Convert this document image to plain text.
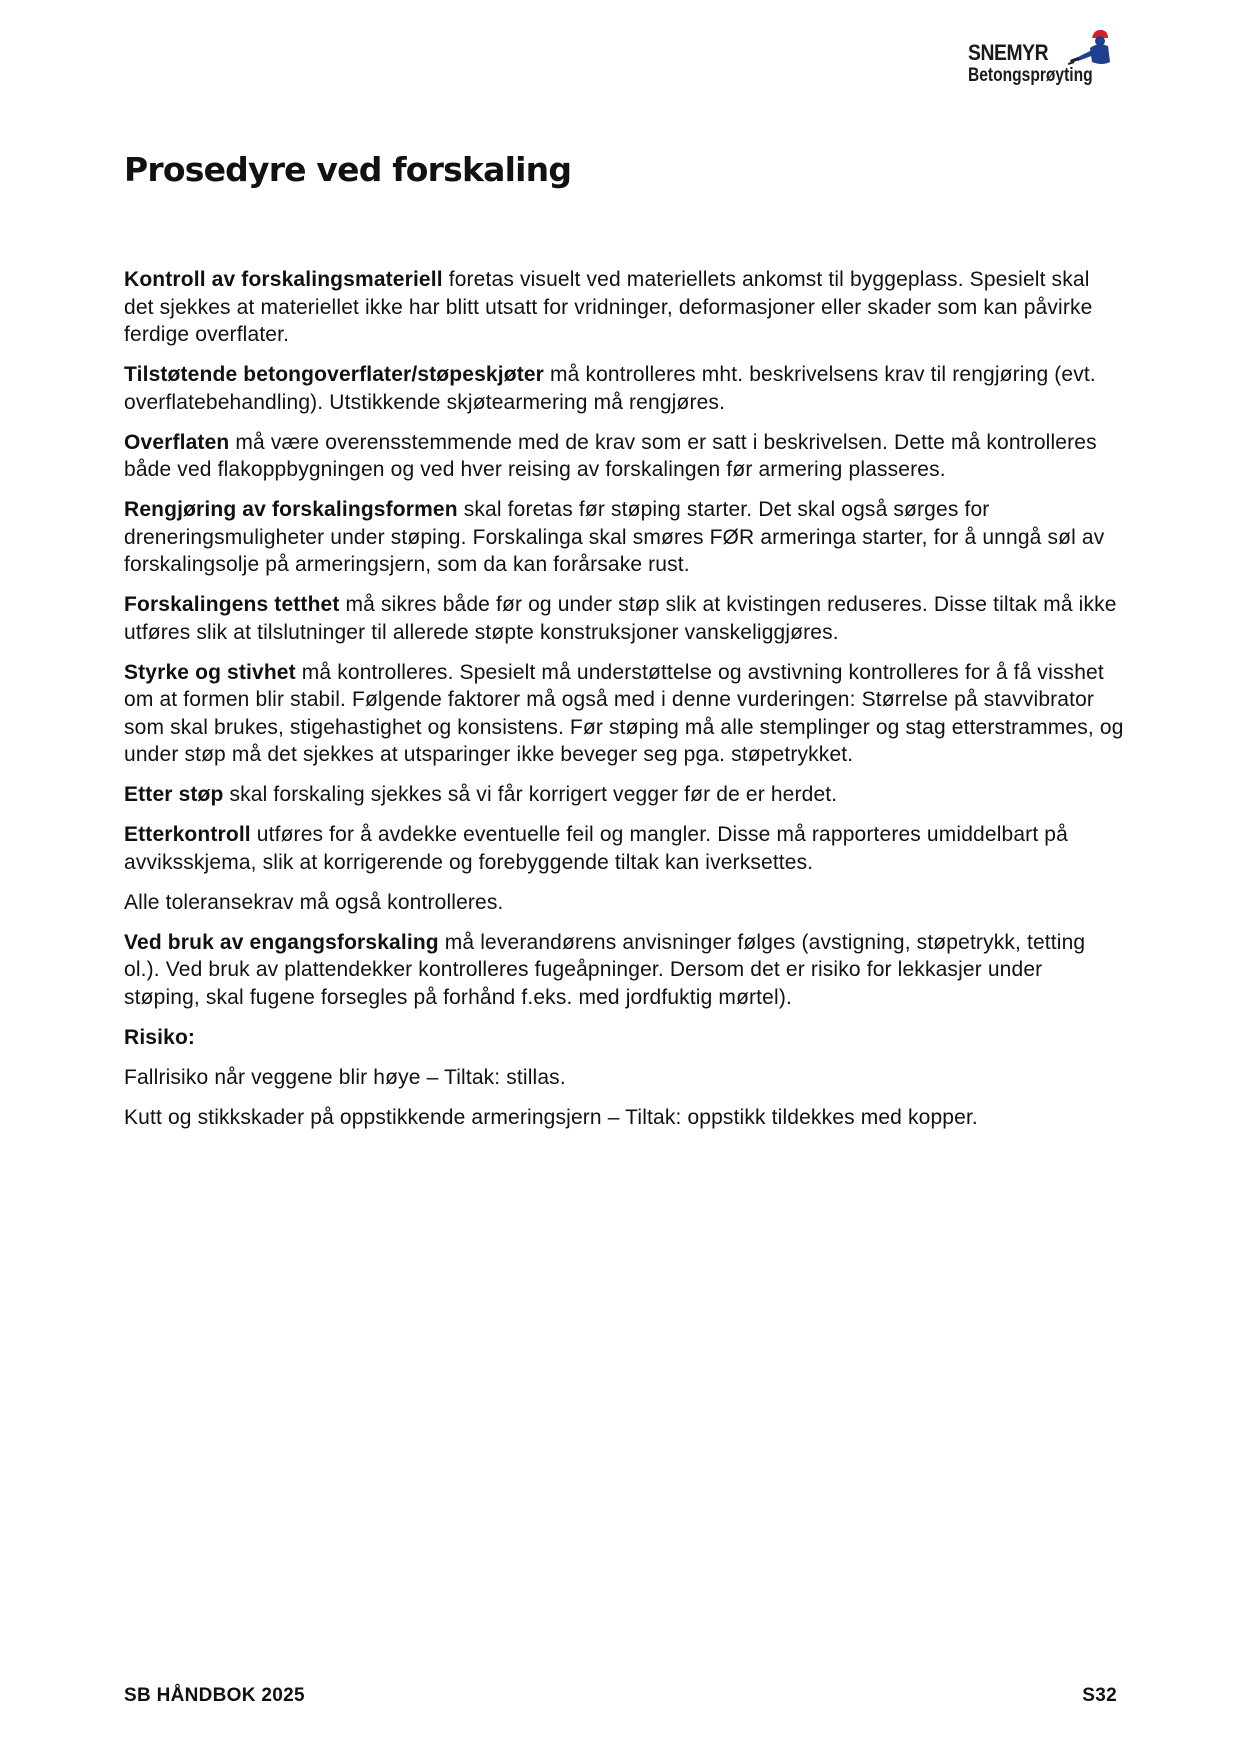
SNEMYR
Betongsprøyting
Prosedyre ved forskaling

Kontroll av forskalingsmateriell foretas visuelt ved materiellets ankomst til byggeplass. Spesielt skal det sjekkes at materiellet ikke har blitt utsatt for vridninger, deformasjoner eller skader som kan påvirke ferdige overflater.

Tilstøtende betongoverflater/støpeskjøter må kontrolleres mht. beskrivelsens krav til rengjøring (evt. overflatebehandling). Utstikkende skjøtearmering må rengjøres.

Overflaten må være overensstemmende med de krav som er satt i beskrivelsen. Dette må kontrolleres både ved flakoppbygningen og ved hver reising av forskalingen før armering plasseres.

Rengjøring av forskalingsformen skal foretas før støping starter. Det skal også sørges for dreneringsmuligheter under støping. Forskalinga skal smøres FØR armeringa starter, for å unngå søl av forskalingsolje på armeringsjern, som da kan forårsake rust.

Forskalingens tetthet må sikres både før og under støp slik at kvistingen reduseres. Disse tiltak må ikke utføres slik at tilslutninger til allerede støpte konstruksjoner vanskeliggjøres.

Styrke og stivhet må kontrolleres. Spesielt må understøttelse og avstivning kontrolleres for å få visshet om at formen blir stabil. Følgende faktorer må også med i denne vurderingen: Størrelse på stavvibrator som skal brukes, stigehastighet og konsistens. Før støping må alle stemplinger og stag etterstrammes, og under støp må det sjekkes at utsparinger ikke beveger seg pga. støpetrykket.

Etter støp skal forskaling sjekkes så vi får korrigert vegger før de er herdet.

Etterkontroll utføres for å avdekke eventuelle feil og mangler. Disse må rapporteres umiddelbart på avviksskjema, slik at korrigerende og forebyggende tiltak kan iverksettes.

Alle toleransekrav må også kontrolleres.

Ved bruk av engangsforskaling må leverandørens anvisninger følges (avstigning, støpetrykk, tetting ol.). Ved bruk av plattendekker kontrolleres fugeåpninger. Dersom det er risiko for lekkasjer under støping, skal fugene forsegles på forhånd f.eks. med jordfuktig mørtel).

Risiko:

Fallrisiko når veggene blir høye – Tiltak: stillas.

Kutt og stikkskader på oppstikkende armeringsjern – Tiltak: oppstikk tildekkes med kopper.

SB HÅNDBOK 2025	S32
